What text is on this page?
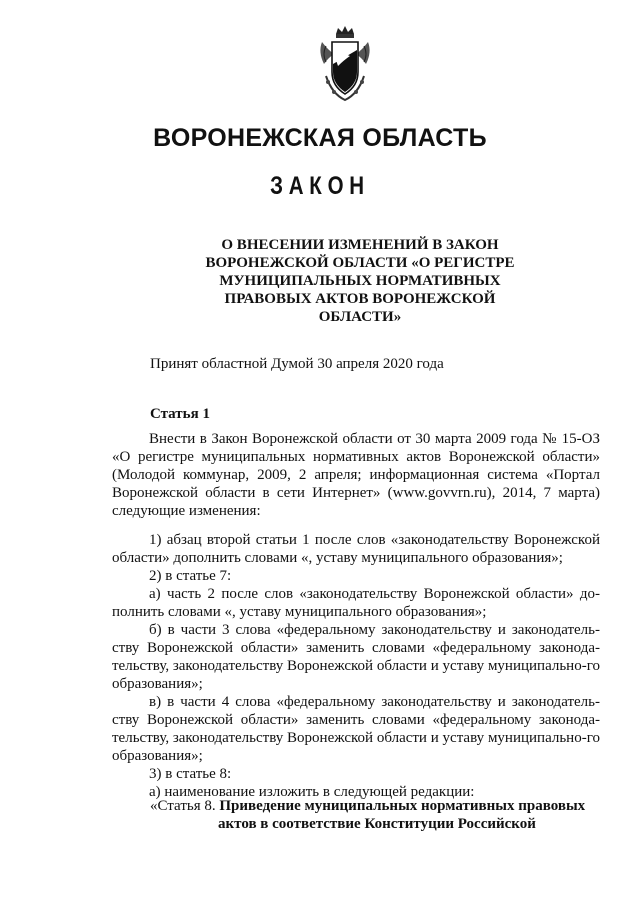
ВОРОНЕЖСКАЯ ОБЛАСТЬ
ЗАКОН
О ВНЕСЕНИИ ИЗМЕНЕНИЙ В ЗАКОН
ВОРОНЕЖСКОЙ ОБЛАСТИ «О РЕГИСТРЕ
МУНИЦИПАЛЬНЫХ НОРМАТИВНЫХ
ПРАВОВЫХ АКТОВ ВОРОНЕЖСКОЙ
ОБЛАСТИ»
Принят областной Думой 30 апреля 2020 года
Статья 1

Внести в Закон Воронежской области от 30 марта 2009 года № 15-ОЗ «О регистре муниципальных нормативных актов Воронежской области» (Молодой коммунар, 2009, 2 апреля; информационная система «Портал Воронежской области в сети Интернет» (www.govvrn.ru), 2014, 7 марта) следующие изменения:

1) абзац второй статьи 1 после слов «законодательству Воронежской области» дополнить словами «, уставу муниципального образования»;

2) в статье 7:

а) часть 2 после слов «законодательству Воронежской области» до-полнить словами «, уставу муниципального образования»;

б) в части 3 слова «федеральному законодательству и законодатель-ству Воронежской области» заменить словами «федеральному законода-тельству, законодательству Воронежской области и уставу муниципально-го образования»;

в) в части 4 слова «федеральному законодательству и законодатель-ству Воронежской области» заменить словами «федеральному законода-тельству, законодательству Воронежской области и уставу муниципально-го образования»;

3) в статье 8:

а) наименование изложить в следующей редакции:

«Статья 8. Приведение муниципальных нормативных правовых
актов в соответствие Конституции Российской
